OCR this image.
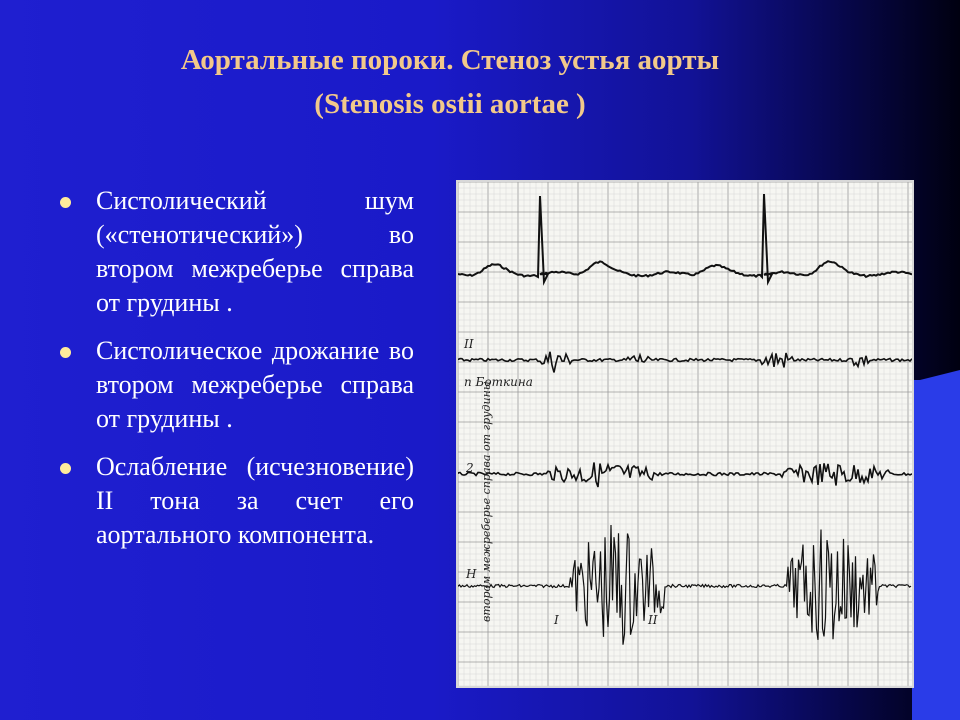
Аортальные пороки. Стеноз устья аорты
(Stenosis ostii aortae )
Систолический шум («стенотический») во втором межреберье справа от грудины .
Систолическое дрожание во втором межреберье справа от грудины .
Ослабление (исчезновение) II тона за счет его аортального компонента.
II
п Боткина
2
Н втором межреберье справа от грудины	I	II
